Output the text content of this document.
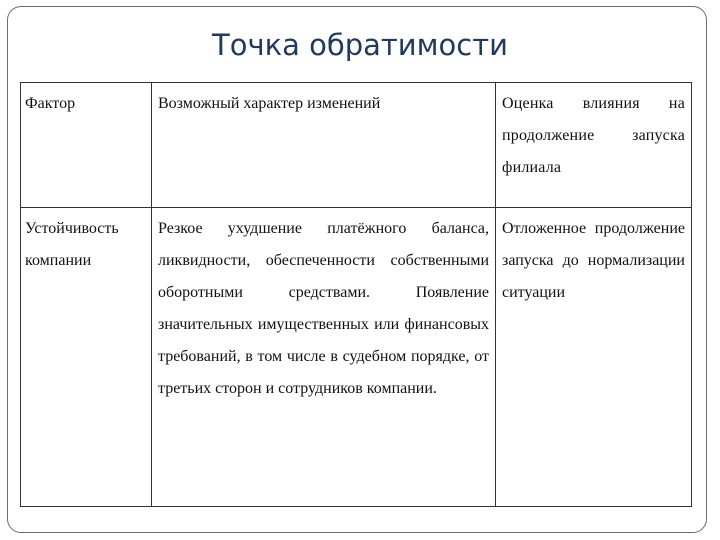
Точка обратимости
Фактор	Возможный характер изменений	Оценка влияния на продолжение запуска филиала

Устойчивость компании	Резкое ухудшение платёжного баланса, ликвидности, обеспеченности собственными оборотными средствами. Появление значительных имущественных или финансовых требований, в том числе в судебном порядке, от третьих сторон и сотрудников компании.	Отложенное продолжение запуска до нормализации ситуации
